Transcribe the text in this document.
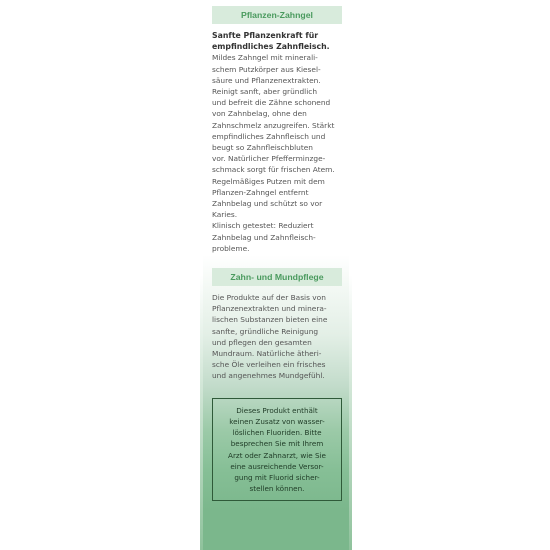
Pflanzen-Zahngel
Sanfte Pflanzenkraft für
empfindliches Zahnfleisch.
Mildes Zahngel mit minerali-
schem Putzkörper aus Kiesel-
säure und Pflanzenextrakten.
Reinigt sanft, aber gründlich
und befreit die Zähne schonend
von Zahnbelag, ohne den
Zahnschmelz anzugreifen. Stärkt
empfindliches Zahnfleisch und
beugt so Zahnfleischbluten
vor. Natürlicher Pfefferminzge-
schmack sorgt für frischen Atem.
Regelmäßiges Putzen mit dem
Pflanzen-Zahngel entfernt
Zahnbelag und schützt so vor
Karies.
Klinisch getestet: Reduziert
Zahnbelag und Zahnfleisch-
probleme.
Zahn- und Mundpflege
Die Produkte auf der Basis von
Pflanzenextrakten und minera-
lischen Substanzen bieten eine
sanfte, gründliche Reinigung
und pflegen den gesamten
Mundraum. Natürliche ätheri-
sche Öle verleihen ein frisches
und angenehmes Mundgefühl.
Dieses Produkt enthält
keinen Zusatz von wasser-
löslichen Fluoriden. Bitte
besprechen Sie mit Ihrem
Arzt oder Zahnarzt, wie Sie
eine ausreichende Versor-
gung mit Fluorid sicher-
stellen können.
